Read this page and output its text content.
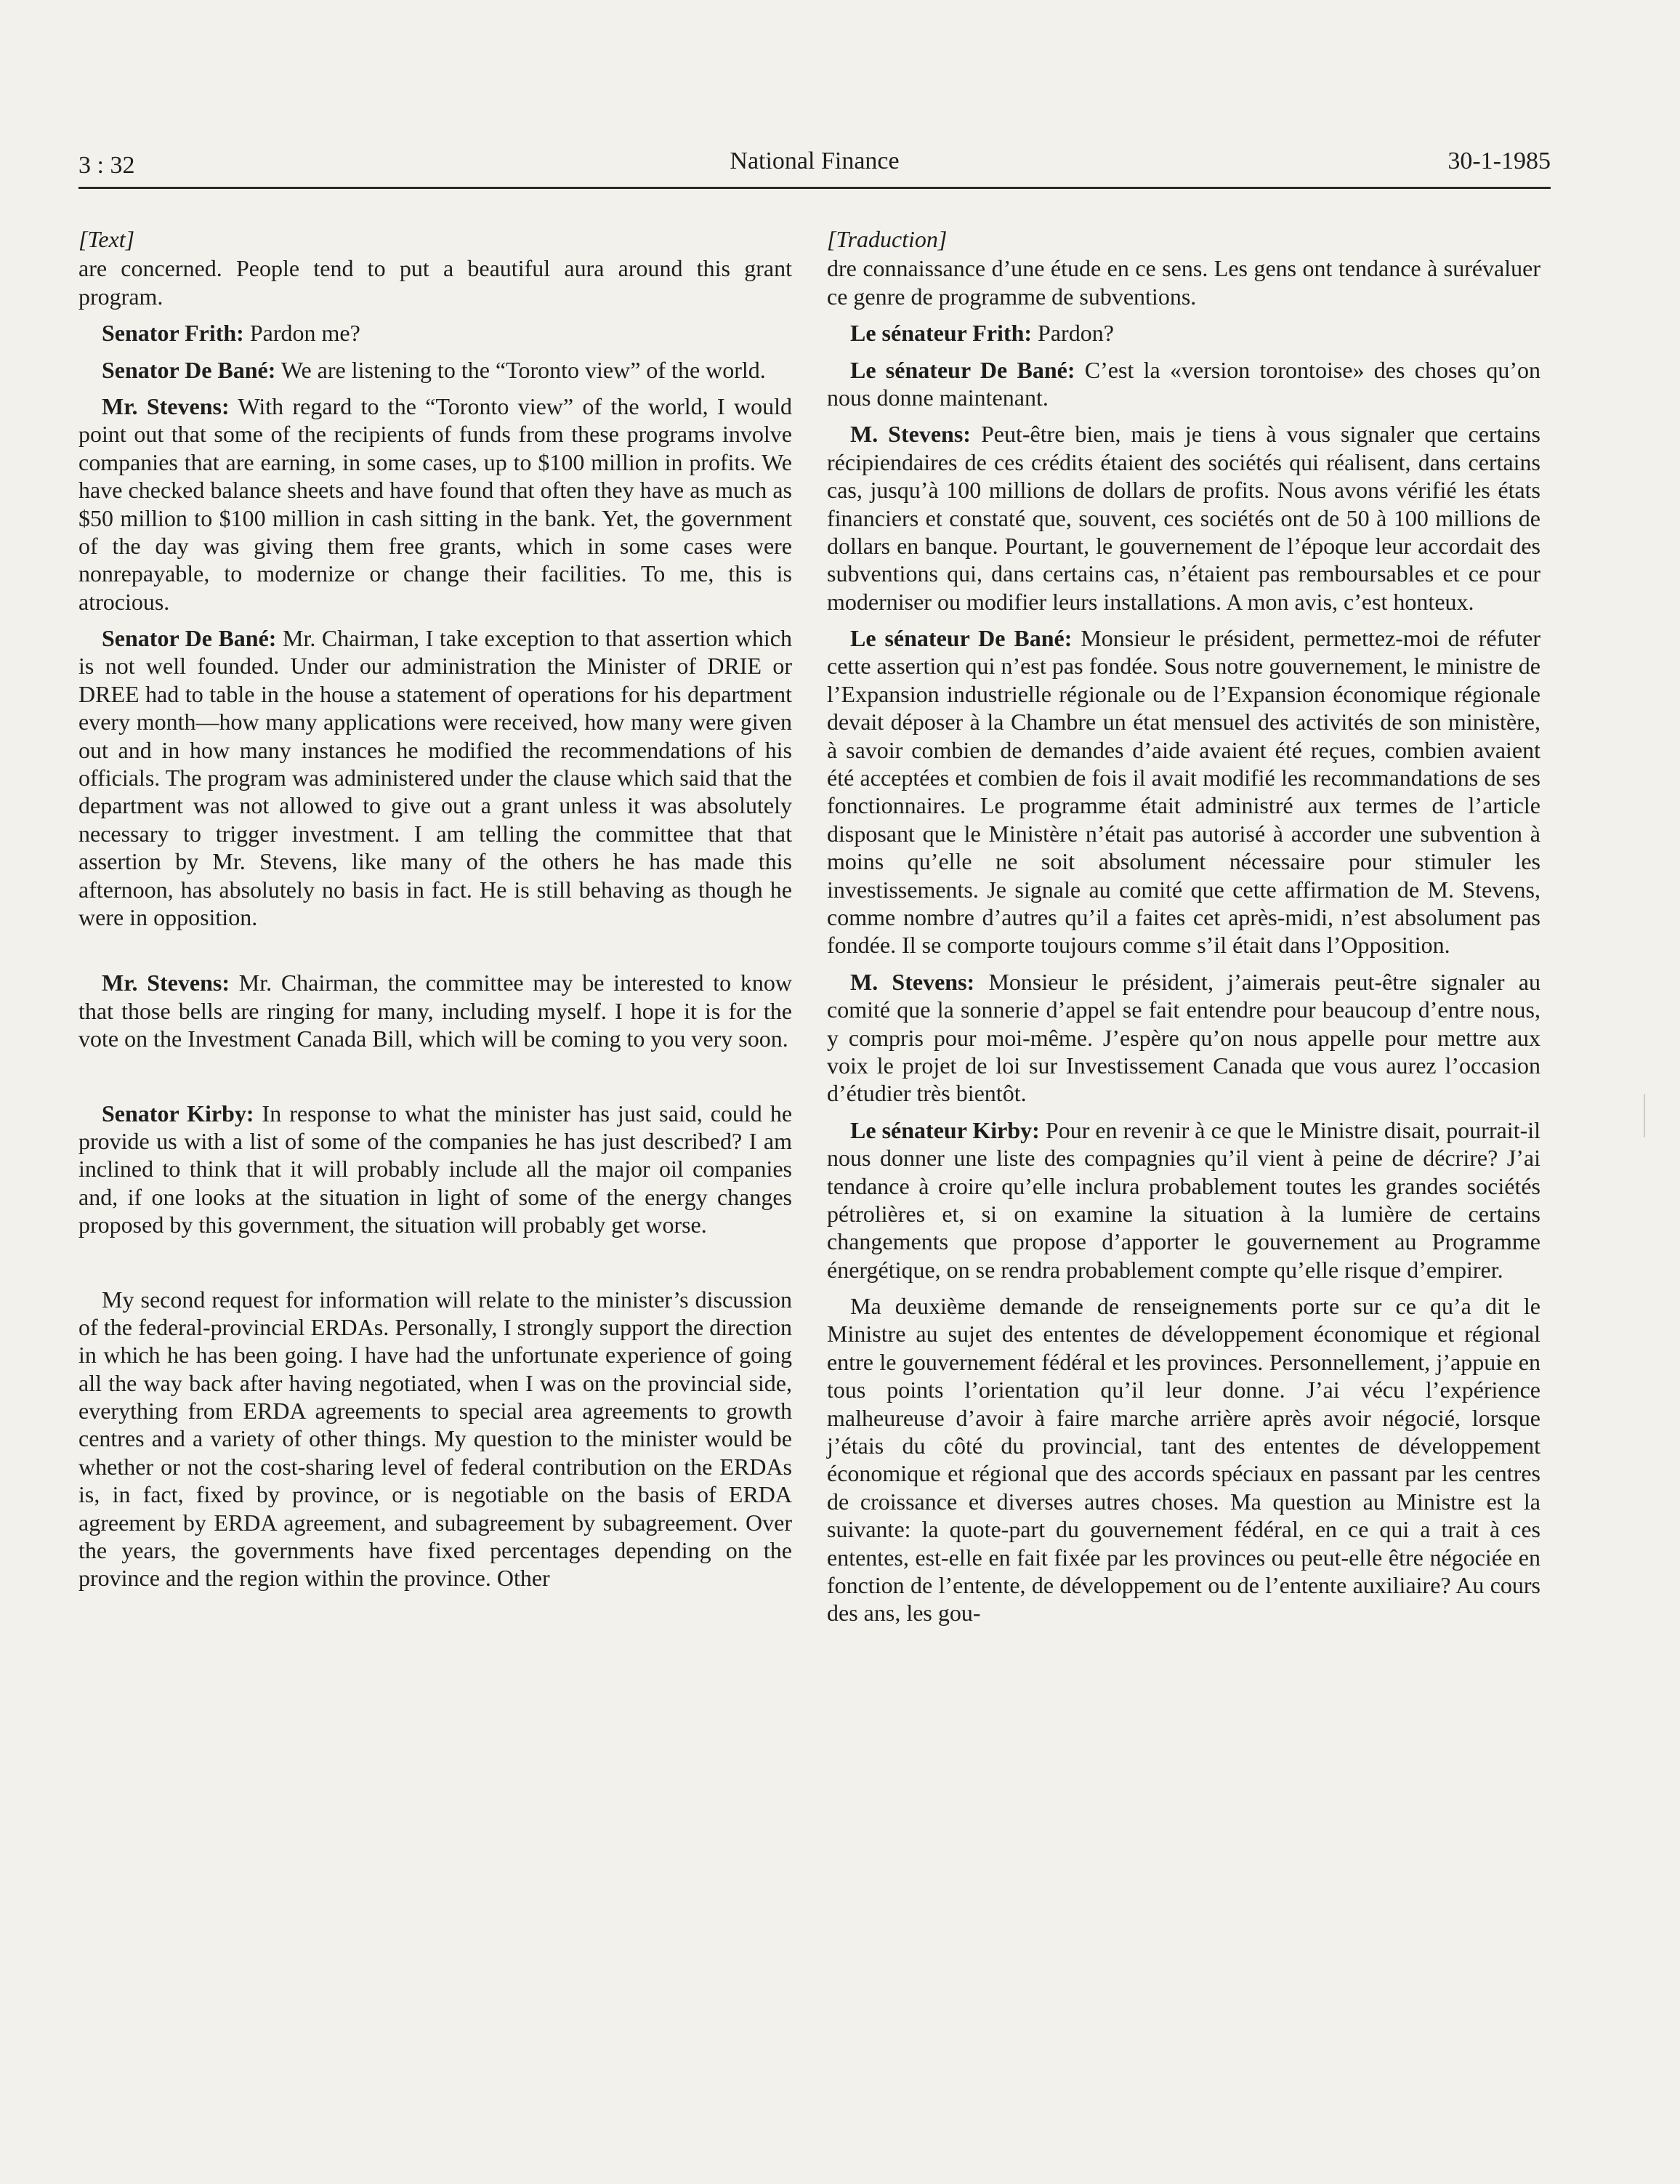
3 : 32	National Finance	30-1-1985

[Text]

are concerned. People tend to put a beautiful aura around this grant program.

Senator Frith: Pardon me?

Senator De Bané: We are listening to the “Toronto view” of the world.

Mr. Stevens: With regard to the “Toronto view” of the world, I would point out that some of the recipients of funds from these programs involve companies that are earning, in some cases, up to $100 million in profits. We have checked balance sheets and have found that often they have as much as $50 million to $100 million in cash sitting in the bank. Yet, the government of the day was giving them free grants, which in some cases were nonrepayable, to modernize or change their facilities. To me, this is atrocious.

Senator De Bané: Mr. Chairman, I take exception to that assertion which is not well founded. Under our administration the Minister of DRIE or DREE had to table in the house a statement of operations for his department every month—how many applications were received, how many were given out and in how many instances he modified the recommendations of his officials. The program was administered under the clause which said that the department was not allowed to give out a grant unless it was absolutely necessary to trigger investment. I am telling the committee that that assertion by Mr. Stevens, like many of the others he has made this afternoon, has absolutely no basis in fact. He is still behaving as though he were in opposition.

Mr. Stevens: Mr. Chairman, the committee may be interested to know that those bells are ringing for many, including myself. I hope it is for the vote on the Investment Canada Bill, which will be coming to you very soon.

Senator Kirby: In response to what the minister has just said, could he provide us with a list of some of the companies he has just described? I am inclined to think that it will probably include all the major oil companies and, if one looks at the situation in light of some of the energy changes proposed by this government, the situation will probably get worse.

My second request for information will relate to the minister’s discussion of the federal-provincial ERDAs. Personally, I strongly support the direction in which he has been going. I have had the unfortunate experience of going all the way back after having negotiated, when I was on the provincial side, everything from ERDA agreements to special area agreements to growth centres and a variety of other things. My question to the minister would be whether or not the cost-sharing level of federal contribution on the ERDAs is, in fact, fixed by province, or is negotiable on the basis of ERDA agreement by ERDA agreement, and subagreement by subagreement. Over the years, the governments have fixed percentages depending on the province and the region within the province. Other

[Traduction]

dre connaissance d’une étude en ce sens. Les gens ont tendance à surévaluer ce genre de programme de subventions.

Le sénateur Frith: Pardon?

Le sénateur De Bané: C’est la «version torontoise» des choses qu’on nous donne maintenant.

M. Stevens: Peut-être bien, mais je tiens à vous signaler que certains récipiendaires de ces crédits étaient des sociétés qui réalisent, dans certains cas, jusqu’à 100 millions de dollars de profits. Nous avons vérifié les états financiers et constaté que, souvent, ces sociétés ont de 50 à 100 millions de dollars en banque. Pourtant, le gouvernement de l’époque leur accordait des subventions qui, dans certains cas, n’étaient pas remboursables et ce pour moderniser ou modifier leurs installations. A mon avis, c’est honteux.

Le sénateur De Bané: Monsieur le président, permettez-moi de réfuter cette assertion qui n’est pas fondée. Sous notre gouvernement, le ministre de l’Expansion industrielle régionale ou de l’Expansion économique régionale devait déposer à la Chambre un état mensuel des activités de son ministère, à savoir combien de demandes d’aide avaient été reçues, combien avaient été acceptées et combien de fois il avait modifié les recommandations de ses fonctionnaires. Le programme était administré aux termes de l’article disposant que le Ministère n’était pas autorisé à accorder une subvention à moins qu’elle ne soit absolument nécessaire pour stimuler les investissements. Je signale au comité que cette affirmation de M. Stevens, comme nombre d’autres qu’il a faites cet après-midi, n’est absolument pas fondée. Il se comporte toujours comme s’il était dans l’Opposition.

M. Stevens: Monsieur le président, j’aimerais peut-être signaler au comité que la sonnerie d’appel se fait entendre pour beaucoup d’entre nous, y compris pour moi-même. J’espère qu’on nous appelle pour mettre aux voix le projet de loi sur Investissement Canada que vous aurez l’occasion d’étudier très bientôt.

Le sénateur Kirby: Pour en revenir à ce que le Ministre disait, pourrait-il nous donner une liste des compagnies qu’il vient à peine de décrire? J’ai tendance à croire qu’elle inclura probablement toutes les grandes sociétés pétrolières et, si on examine la situation à la lumière de certains changements que propose d’apporter le gouvernement au Programme énergétique, on se rendra probablement compte qu’elle risque d’empirer.

Ma deuxième demande de renseignements porte sur ce qu’a dit le Ministre au sujet des ententes de développement économique et régional entre le gouvernement fédéral et les provinces. Personnellement, j’appuie en tous points l’orientation qu’il leur donne. J’ai vécu l’expérience malheureuse d’avoir à faire marche arrière après avoir négocié, lorsque j’étais du côté du provincial, tant des ententes de développement économique et régional que des accords spéciaux en passant par les centres de croissance et diverses autres choses. Ma question au Ministre est la suivante: la quote-part du gouvernement fédéral, en ce qui a trait à ces ententes, est-elle en fait fixée par les provinces ou peut-elle être négociée en fonction de l’entente, de développement ou de l’entente auxiliaire? Au cours des ans, les gou-
